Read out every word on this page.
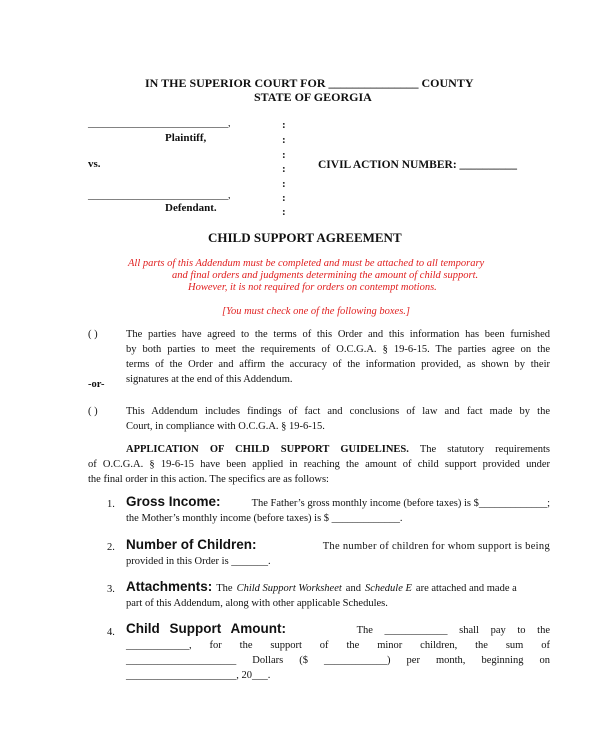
IN THE SUPERIOR COURT FOR _______________ COUNTY
STATE OF GEORGIA
____________________________,
Plaintiff,
vs.
____________________________,
Defendant.
:
:
:
:
:
:
:
CIVIL ACTION NUMBER: __________
CHILD SUPPORT AGREEMENT
All parts of this Addendum must be completed and must be attached to all temporary
and final orders and judgments determining the amount of child support.
However, it is not required for orders on contempt motions.
[You must check one of the following boxes.]
( )	The parties have agreed to the terms of this Order and this information has been furnished
by both parties to meet the requirements of O.C.G.A. § 19-6-15. The parties agree on the
terms of the Order and affirm the accuracy of the information provided, as shown by their
signatures at the end of this Addendum.
-or-
( )	This Addendum includes findings of fact and conclusions of law and fact made by the
Court, in compliance with O.C.G.A. § 19-6-15.
APPLICATION OF CHILD SUPPORT GUIDELINES. The statutory requirements
of O.C.G.A. § 19-6-15 have been applied in reaching the amount of child support provided under
the final order in this action. The specifics are as follows:
1. Gross Income:	The Father’s gross monthly income (before taxes) is $_____________;
the Mother’s monthly income (before taxes) is $ _____________.
2. Number of Children:	The number of children for whom support is being
provided in this Order is _______.
3. Attachments: The Child Support Worksheet and Schedule E are attached and made a
part of this Addendum, along with other applicable Schedules.
4. Child Support Amount:	The ____________ shall pay to the
____________, for the support of the minor children, the sum of
_____________________ Dollars ($ ____________) per month, beginning on
_____________________, 20___.
